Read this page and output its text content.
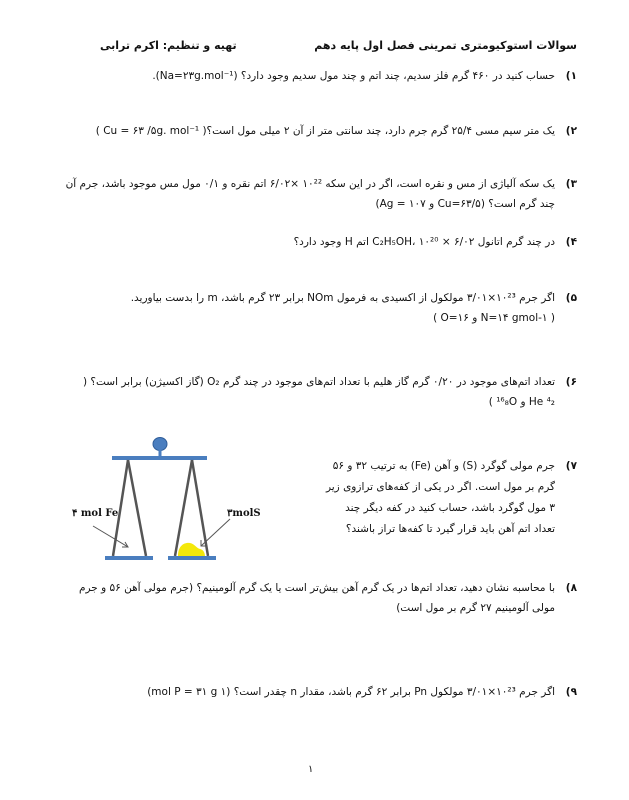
سوالات استوکیومتری تمرینی فصل اول پایه دهم
تهیه و تنظیم: اکرم ترابی
۱)
حساب کنید در ۴۶۰ گرم فلز سدیم، چند اتم و چند مول سدیم وجود دارد؟ (Na=۲۳g.mol⁻¹).
۲)
یک متر سیم مسی ۲۵/۴ گرم جرم دارد، چند سانتی متر از آن ۲ میلی مول است؟( Cu = ۶۳ /۵g. mol⁻¹ )
۳)
یک سکه آلیاژی از مس و نقره است، اگر در این سکه ۱۰²² ×۶/۰۲ اتم نقره و ۰/۱ مول مس موجود باشد، جرم آن
چند گرم است؟ (Cu=۶۳/۵ و Ag = ۱۰۷)
۴)
در چند گرم اتانول C₂H₅OH، ۱۰²⁰ × ۶/۰۲ اتم H وجود دارد؟
۵)
اگر جرم ۱۰²³×۳/۰۱ مولکول از اکسیدی به فرمول NOm برابر ۲۳ گرم باشد، m را بدست بیاورید.
( N=۱۴ gmol-۱ و O=۱۶ )
۶)
تعداد اتم‌های موجود در ۰/۲۰ گرم گاز هلیم با تعداد اتم‌های موجود در چند گرم O₂ (گاز اکسیژن) برابر است؟ (
He ⁴₂ و ¹⁶₈O )
۷)
جرم مولی گوگرد (S) و آهن (Fe) به ترتیب ۳۲ و ۵۶ گرم بر مول است. اگر در یکی از کفه‌های ترازوی زیر ۳ مول گوگرد باشد، حساب کنید در کفه دیگر چند تعداد اتم آهن باید قرار گیرد تا کفه‌ها تراز باشند؟
۴ mol Fe	۳molS
۸)
با محاسبه نشان دهید، تعداد اتم‌ها در یک گرم آهن بیش‌تر است یا یک گرم آلومینیم؟ (جرم مولی آهن ۵۶ و جرم
مولی آلومینیم ۲۷ گرم بر مول است)
۹)
اگر جرم ۱۰²³×۳/۰۱ مولکول Pn برابر ۶۲ گرم باشد، مقدار n چقدر است؟ (۱ mol P = ۳۱ g)
۱
